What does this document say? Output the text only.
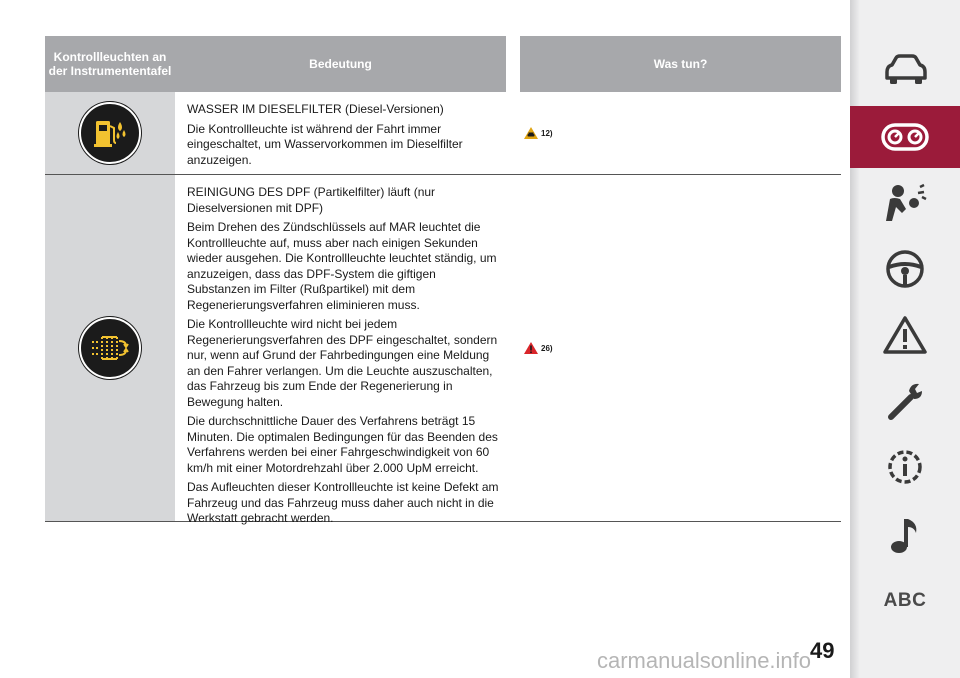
Kontrollleuchten an der Instrumententafel	Bedeutung	Was tun?

WASSER IM DIESELFILTER (Diesel-Versionen)

Die Kontrollleuchte ist während der Fahrt immer eingeschaltet, um Wasservorkommen im Dieselfilter anzuzeigen.

12)

REINIGUNG DES DPF (Partikelfilter) läuft (nur Dieselversionen mit DPF)

Beim Drehen des Zündschlüssels auf MAR leuchtet die Kontrollleuchte auf, muss aber nach einigen Sekunden wieder ausgehen. Die Kontrollleuchte leuchtet ständig, um anzuzeigen, dass das DPF-System die giftigen Substanzen im Filter (Rußpartikel) mit dem Regenerierungsverfahren eliminieren muss.

Die Kontrollleuchte wird nicht bei jedem Regenerierungsverfahren des DPF eingeschaltet, sondern nur, wenn auf Grund der Fahrbedingungen eine Meldung an den Fahrer verlangen. Um die Leuchte auszuschalten, das Fahrzeug bis zum Ende der Regenerierung in Bewegung halten.

Die durchschnittliche Dauer des Verfahrens beträgt 15 Minuten. Die optimalen Bedingungen für das Beenden des Verfahrens werden bei einer Fahrgeschwindigkeit von 60 km/h mit einer Motordrehzahl über 2.000 UpM erreicht.

Das Aufleuchten dieser Kontrollleuchte ist keine Defekt am Fahrzeug und das Fahrzeug muss daher auch nicht in die Werkstatt gebracht werden.

26)
ABC
49
carmanualsonline.info
